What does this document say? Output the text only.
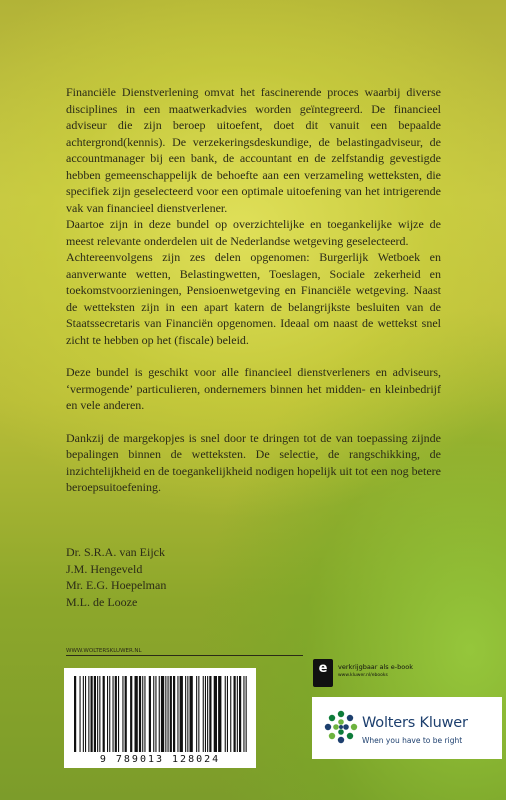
Financiële Dienstverlening omvat het fascinerende proces waarbij diverse disciplines in een maatwerkadvies worden geïntegreerd. De financieel adviseur die zijn beroep uitoefent, doet dit vanuit een bepaalde achtergrond(kennis). De verzekeringsdeskundige, de belastingadviseur, de accountmanager bij een bank, de accountant en de zelfstandig gevestigde hebben gemeenschappelijk de behoefte aan een verzameling wetteksten, die specifiek zijn geselecteerd voor een optimale uitoefening van het intrigerende vak van financieel dienstverlener.

Daartoe zijn in deze bundel op overzichtelijke en toegankelijke wijze de meest relevante onderdelen uit de Nederlandse wetgeving geselecteerd.

Achtereenvolgens zijn zes delen opgenomen: Burgerlijk Wetboek en aanverwante wetten, Belastingwetten, Toeslagen, Sociale zekerheid en toekomstvoorzieningen, Pensioenwetgeving en Financiële wetgeving. Naast de wetteksten zijn in een apart katern de belangrijkste besluiten van de Staatssecretaris van Financiën opgenomen. Ideaal om naast de wettekst snel zicht te hebben op het (fiscale) beleid.

Deze bundel is geschikt voor alle financieel dienstverleners en adviseurs, ‘vermogende’ particulieren, ondernemers binnen het midden- en kleinbedrijf en vele anderen.

Dankzij de margekopjes is snel door te dringen tot de van toepassing zijnde bepalingen binnen de wetteksten. De selectie, de rangschikking, de inzichtelijkheid en de toegankelijkheid nodigen hopelijk uit tot een nog betere beroepsuitoefening.

Dr. S.R.A. van Eijck
J.M. Hengeveld
Mr. E.G. Hoepelman
M.L. de Looze
WWW.WOLTERSKLUWER.NL
9 789013 128024
e	verkrijgbaar als e-book
www.kluwer.nl/ebooks
Wolters Kluwer
When you have to be right
